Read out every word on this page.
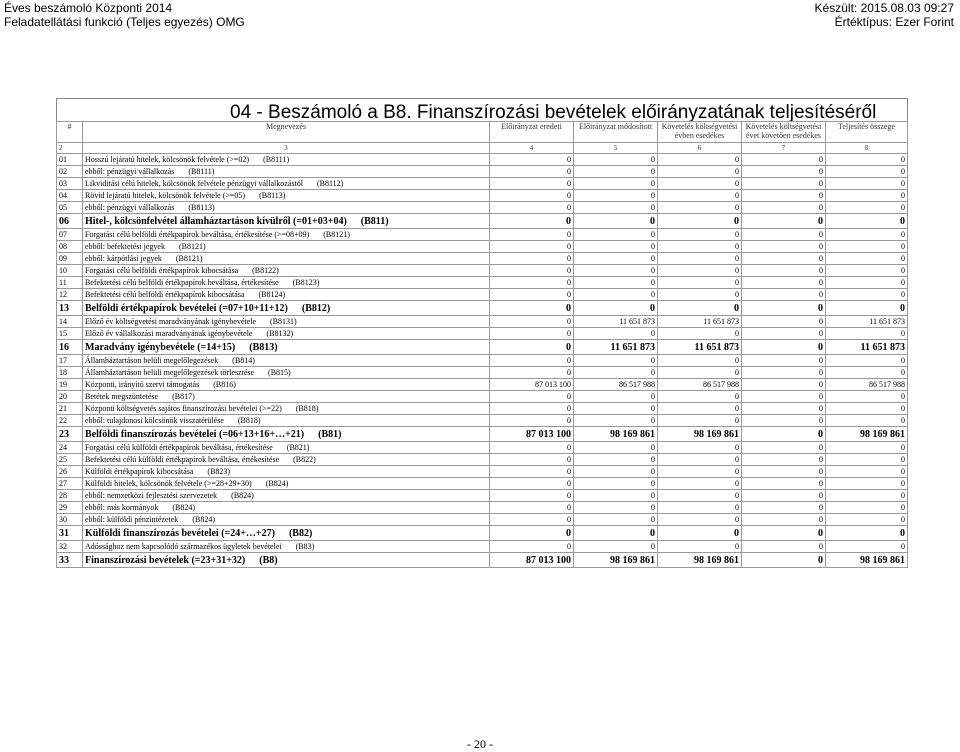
Éves beszámoló Központi 2014
Feladatellátási funkció (Teljes egyezés) OMG
Készült: 2015.08.03 09:27
Értéktípus: Ezer Forint
04 - Beszámoló a B8. Finanszírozási bevételek előirányzatának teljesítéséről
#	Megnevezés	Előirányzat eredeti	Előirányzat módosított	Követelés költségvetési évben esedékes	Követelés költségvetési évet követően esedékes	Teljesítés összege
2	3	4	5	6	7	8
01	Hosszú lejáratú hitelek, kölcsönök felvétele (>=02) (B8111)	0	0	0	0	0
02	ebből: pénzügyi vállalkozás (B8111)	0	0	0	0	0
03	Likviditási célú hitelek, kölcsönök felvétele pénzügyi vállalkozástól (B8112)	0	0	0	0	0
04	Rövid lejáratú hitelek, kölcsönök felvétele (>=05) (B8113)	0	0	0	0	0
05	ebből: pénzügyi vállalkozás (B8113)	0	0	0	0	0
06	Hitel-, kölcsönfelvétel államháztartáson kívülről (=01+03+04) (B811)	0	0	0	0	0
07	Forgatási célú belföldi értékpapírok beváltása, értékesítése (>=08+09) (B8121)	0	0	0	0	0
08	ebből: befektetési jegyek (B8121)	0	0	0	0	0
09	ebből: kárpótlási jegyek (B8121)	0	0	0	0	0
10	Forgatási célú belföldi értékpapírok kibocsátása (B8122)	0	0	0	0	0
11	Befektetési célú belföldi értékpapírok beváltása, értékesítése (B8123)	0	0	0	0	0
12	Befektetési célú belföldi értékpapírok kibocsátása (B8124)	0	0	0	0	0
13	Belföldi értékpapírok bevételei (=07+10+11+12) (B812)	0	0	0	0	0
14	Előző év költségvetési maradványának igénybevétele (B8131)	0	11 651 873	11 651 873	0	11 651 873
15	Előző év vállalkozási maradványának igénybevétele (B8132)	0	0	0	0	0
16	Maradvány igénybevétele (=14+15) (B813)	0	11 651 873	11 651 873	0	11 651 873
17	Államháztartáson belüli megelőlegezések (B814)	0	0	0	0	0
18	Államháztartáson belüli megelőlegezések törlesztése (B815)	0	0	0	0	0
19	Központi, irányító szervi támogatás (B816)	87 013 100	86 517 988	86 517 988	0	86 517 988
20	Betétek megszüntetése (B817)	0	0	0	0	0
21	Központi költségvetés sajátos finanszírozási bevételei (>=22) (B818)	0	0	0	0	0
22	ebből: tulajdonosi kölcsönök visszatérülése (B818)	0	0	0	0	0
23	Belföldi finanszírozás bevételei (=06+13+16+…+21) (B81)	87 013 100	98 169 861	98 169 861	0	98 169 861
24	Forgatási célú külföldi értékpapírok beváltása, értékesítése (B821)	0	0	0	0	0
25	Befektetési célú külföldi értékpapírok beváltása, értékesítése (B822)	0	0	0	0	0
26	Külföldi értékpapírok kibocsátása (B823)	0	0	0	0	0
27	Külföldi hitelek, kölcsönök felvétele (>=28+29+30) (B824)	0	0	0	0	0
28	ebből: nemzetközi fejlesztési szervezetek (B824)	0	0	0	0	0
29	ebből: más kormányok (B824)	0	0	0	0	0
30	ebből: külföldi pénzintézetek (B824)	0	0	0	0	0
31	Külföldi finanszírozás bevételei (=24+…+27) (B82)	0	0	0	0	0
32	Adóssághoz nem kapcsolódó származékos ügyletek bevételei (B83)	0	0	0	0	0
33	Finanszírozási bevételek (=23+31+32) (B8)	87 013 100	98 169 861	98 169 861	0	98 169 861
- 20 -
